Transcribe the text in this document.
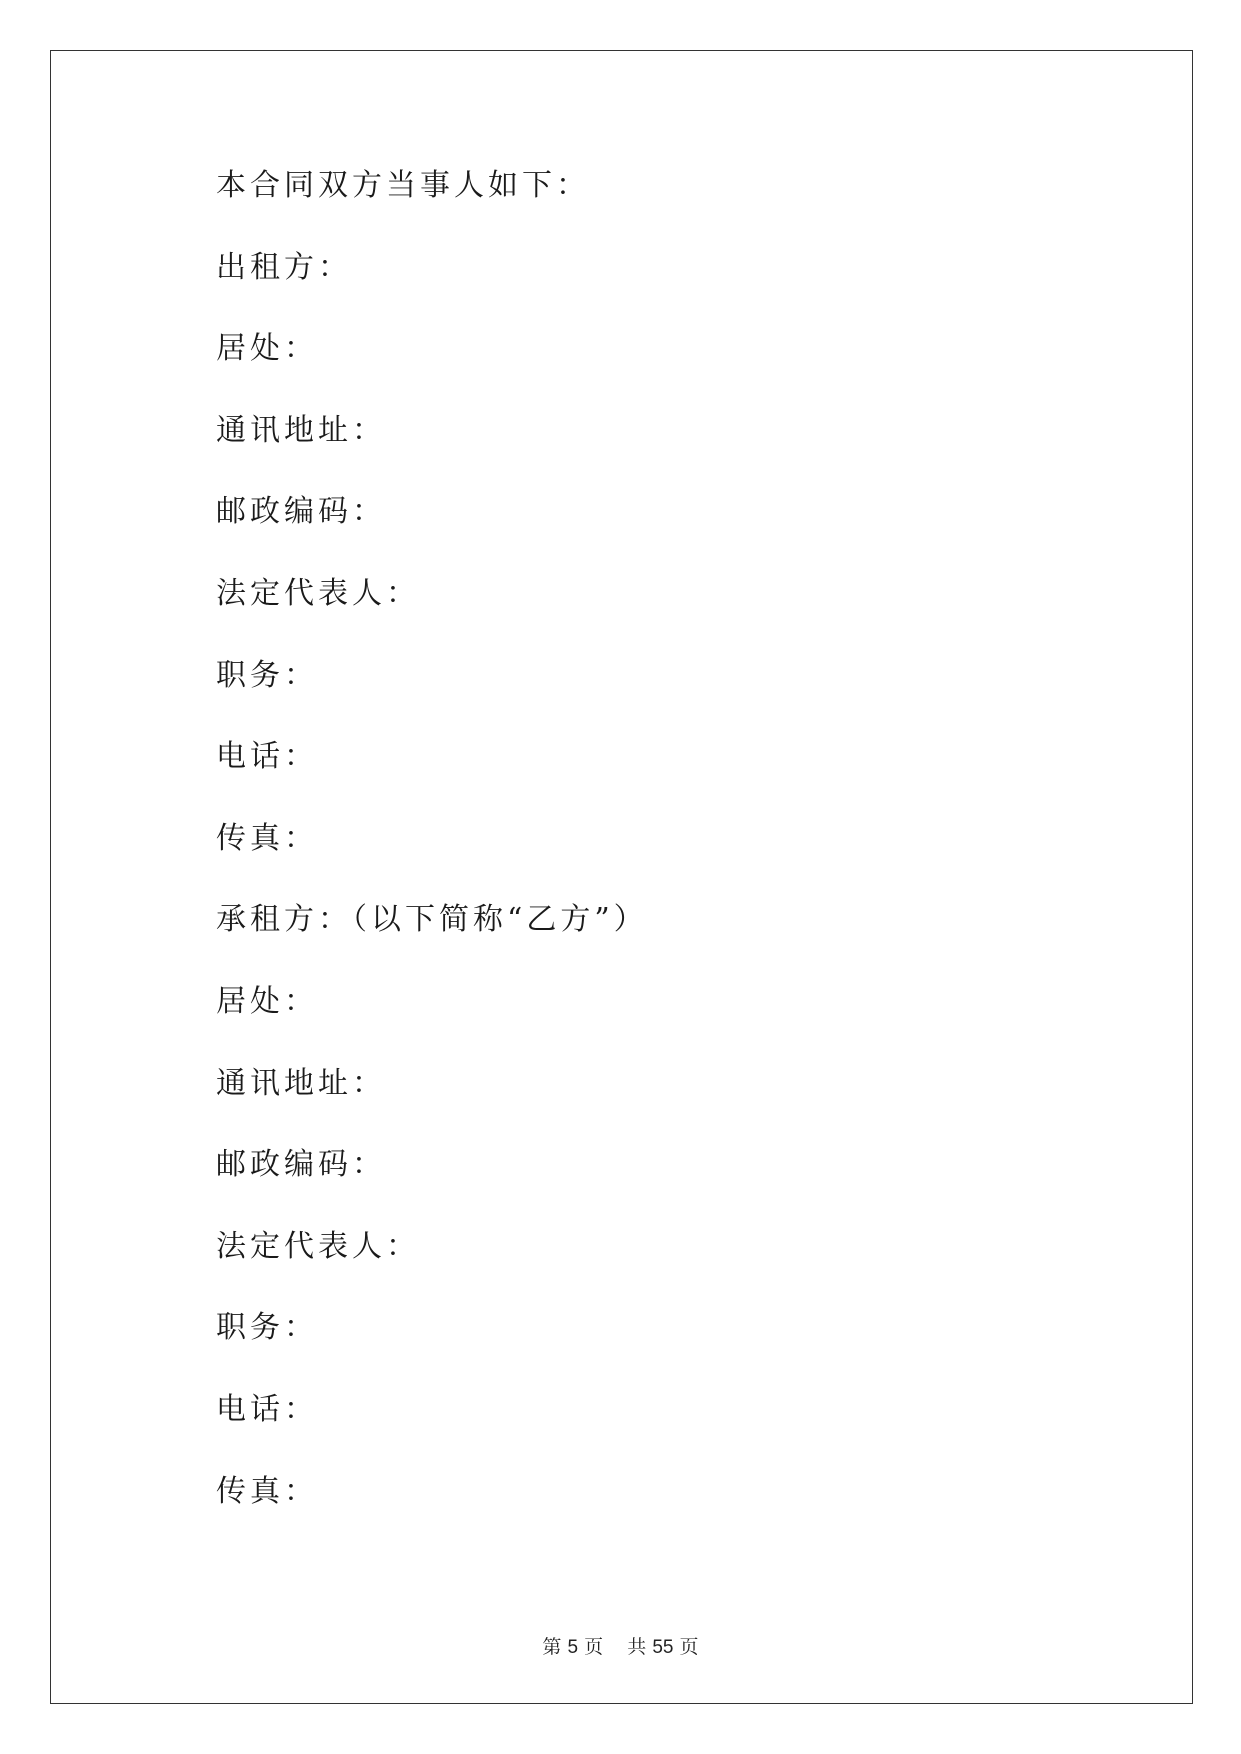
本合同双方当事人如下：
出租方：
居处：
通讯地址：
邮政编码：
法定代表人：
职务：
电话：
传真：
承租方：（以下简称“乙方”）
居处：
通讯地址：
邮政编码：
法定代表人：
职务：
电话：
传真：
第 5 页 共 55 页
